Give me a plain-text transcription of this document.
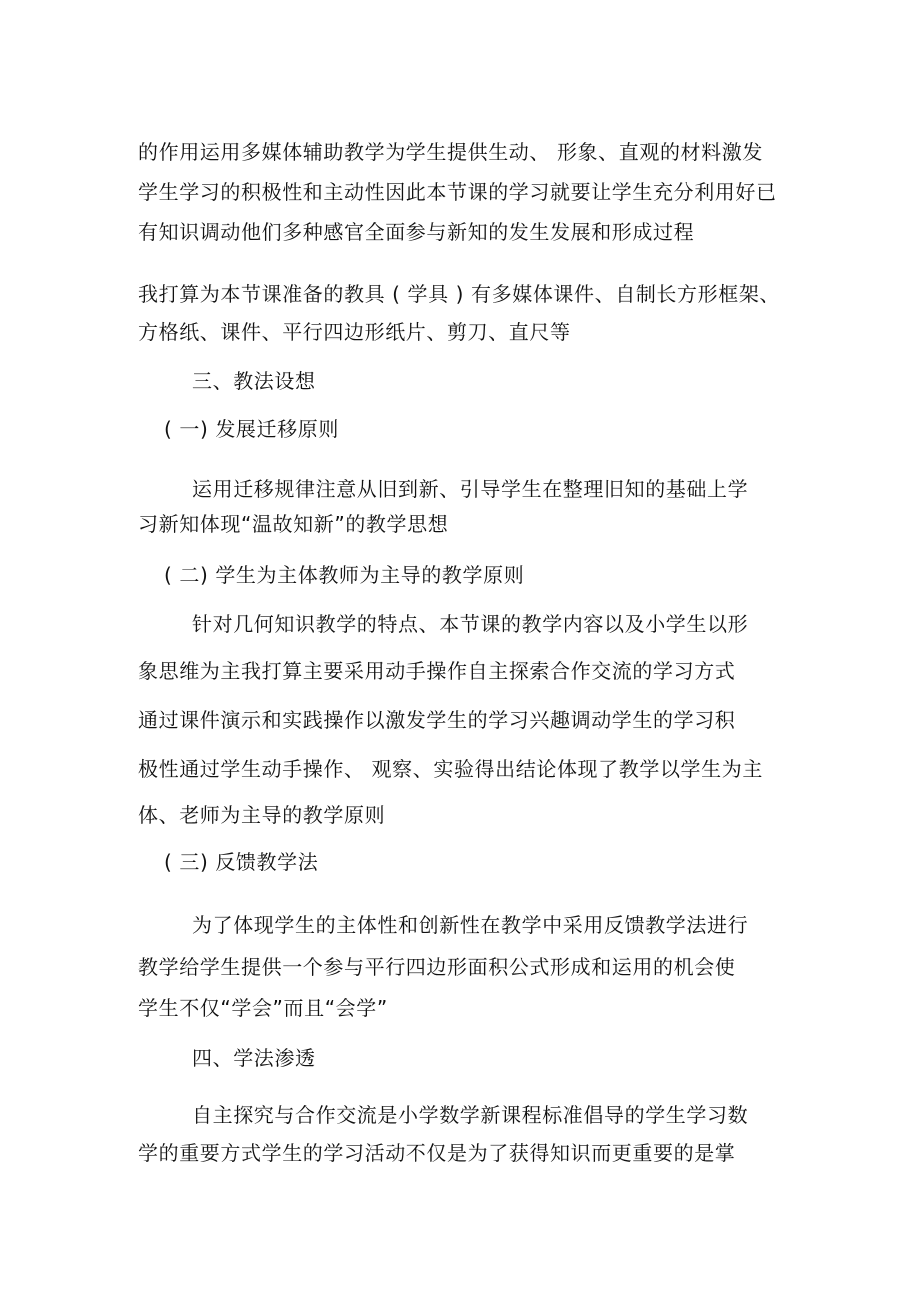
的作用运用多媒体辅助教学为学生提供生动、 形象、直观的材料激发
学生学习的积极性和主动性因此本节课的学习就要让学生充分利用好已
有知识调动他们多种感官全面参与新知的发生发展和形成过程
我打算为本节课准备的教具 ( 学具 ) 有多媒体课件、自制长方形框架、
方格纸、课件、平行四边形纸片、剪刀、直尺等
三、教法设想
( 一) 发展迁移原则
运用迁移规律注意从旧到新、引导学生在整理旧知的基础上学
习新知体现“温故知新”的教学思想
( 二) 学生为主体教师为主导的教学原则
针对几何知识教学的特点、本节课的教学内容以及小学生以形
象思维为主我打算主要采用动手操作自主探索合作交流的学习方式
通过课件演示和实践操作以激发学生的学习兴趣调动学生的学习积
极性通过学生动手操作、 观察、实验得出结论体现了教学以学生为主
体、老师为主导的教学原则
( 三) 反馈教学法
为了体现学生的主体性和创新性在教学中采用反馈教学法进行
教学给学生提供一个参与平行四边形面积公式形成和运用的机会使
学生不仅“学会”而且“会学”
四、学法渗透
自主探究与合作交流是小学数学新课程标准倡导的学生学习数
学的重要方式学生的学习活动不仅是为了获得知识而更重要的是掌
